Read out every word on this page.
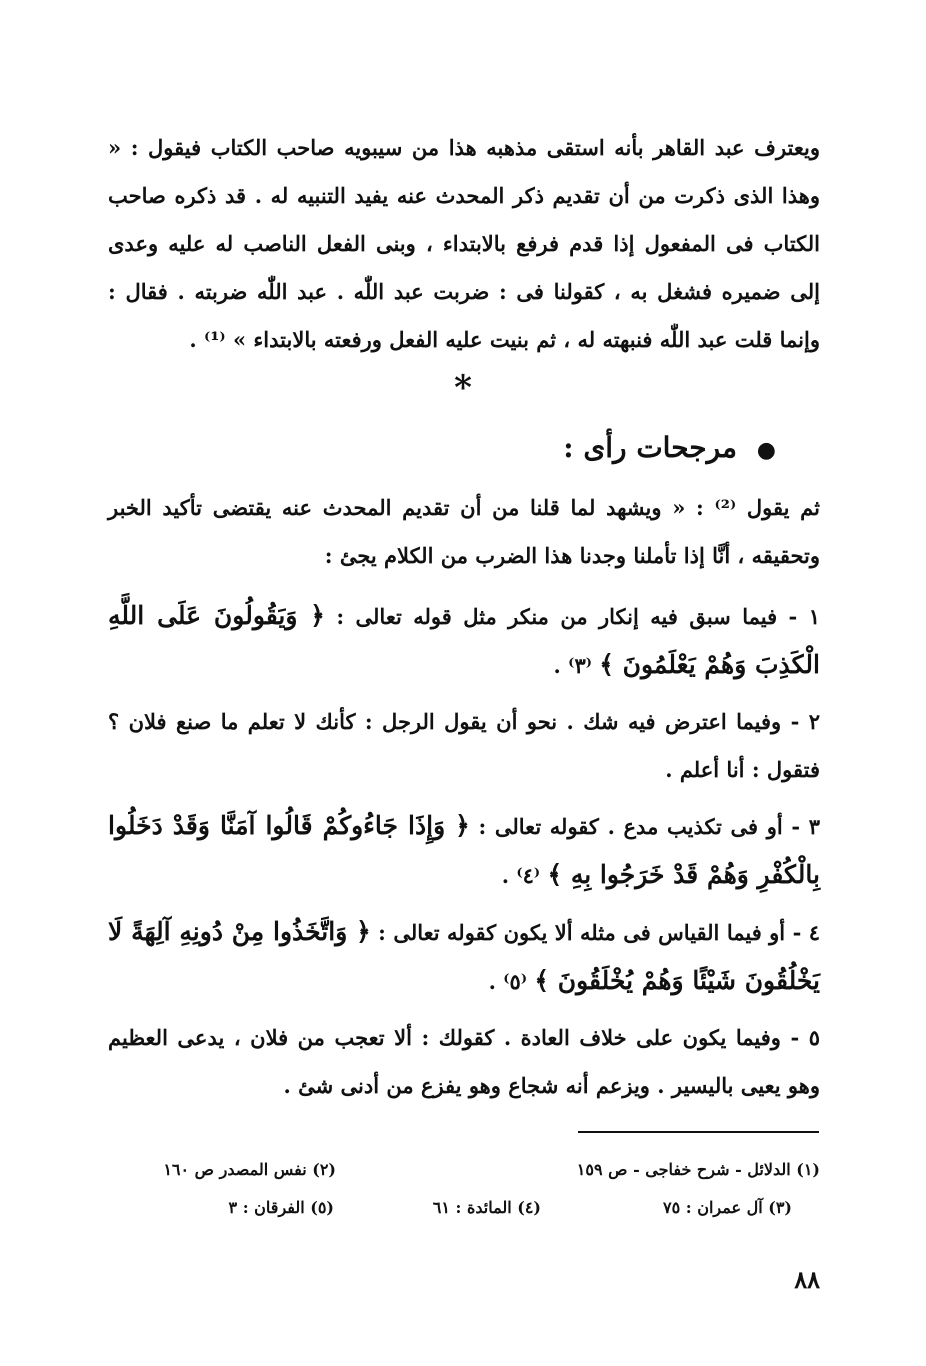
ويعترف عبد القاهر بأنه استقى مذهبه هذا من سيبويه صاحب الكتاب فيقول : « وهذا الذى ذكرت من أن تقديم ذكر المحدث عنه يفيد التنبيه له . قد ذكره صاحب الكتاب فى المفعول إذا قدم فرفع بالابتداء ، وبنى الفعل الناصب له عليه وعدى إلى ضميره فشغل به ، كقولنا فى : ضربت عبد اللّٰه . عبد اللّٰه ضربته . فقال : وإنما قلت عبد اللّٰه فنبهته له ، ثم بنيت عليه الفعل ورفعته بالابتداء » ⁽¹⁾ .
*
● مرجحات رأى :
ثم يقول ⁽²⁾ : « ويشهد لما قلنا من أن تقديم المحدث عنه يقتضى تأكيد الخبر وتحقيقه ، أنَّا إذا تأملنا وجدنا هذا الضرب من الكلام يجئ :
١ - فيما سبق فيه إنكار من منكر مثل قوله تعالى : ﴿ وَيَقُولُونَ عَلَى اللَّهِ الْكَذِبَ وَهُمْ يَعْلَمُونَ ﴾ ⁽٣⁾ .
٢ - وفيما اعترض فيه شك . نحو أن يقول الرجل : كأنك لا تعلم ما صنع فلان ؟ فتقول : أنا أعلم .
٣ - أو فى تكذيب مدع . كقوله تعالى : ﴿ وَإِذَا جَاءُوكُمْ قَالُوا آمَنَّا وَقَدْ دَخَلُوا بِالْكُفْرِ وَهُمْ قَدْ خَرَجُوا بِهِ ﴾ ⁽٤⁾ .
٤ - أو فيما القياس فى مثله ألا يكون كقوله تعالى : ﴿ وَاتَّخَذُوا مِنْ دُونِهِ آلِهَةً لَا يَخْلُقُونَ شَيْئًا وَهُمْ يُخْلَقُونَ ﴾ ⁽٥⁾ .
٥ - وفيما يكون على خلاف العادة . كقولك : ألا تعجب من فلان ، يدعى العظيم وهو يعيى باليسير . ويزعم أنه شجاع وهو يفزع من أدنى شئ .
(١) الدلائل - شرح خفاجى - ص ١٥٩
(٢) نفس المصدر ص ١٦٠
(٣) آل عمران : ٧٥
(٤) المائدة : ٦١
(٥) الفرقان : ٣
٨٨
